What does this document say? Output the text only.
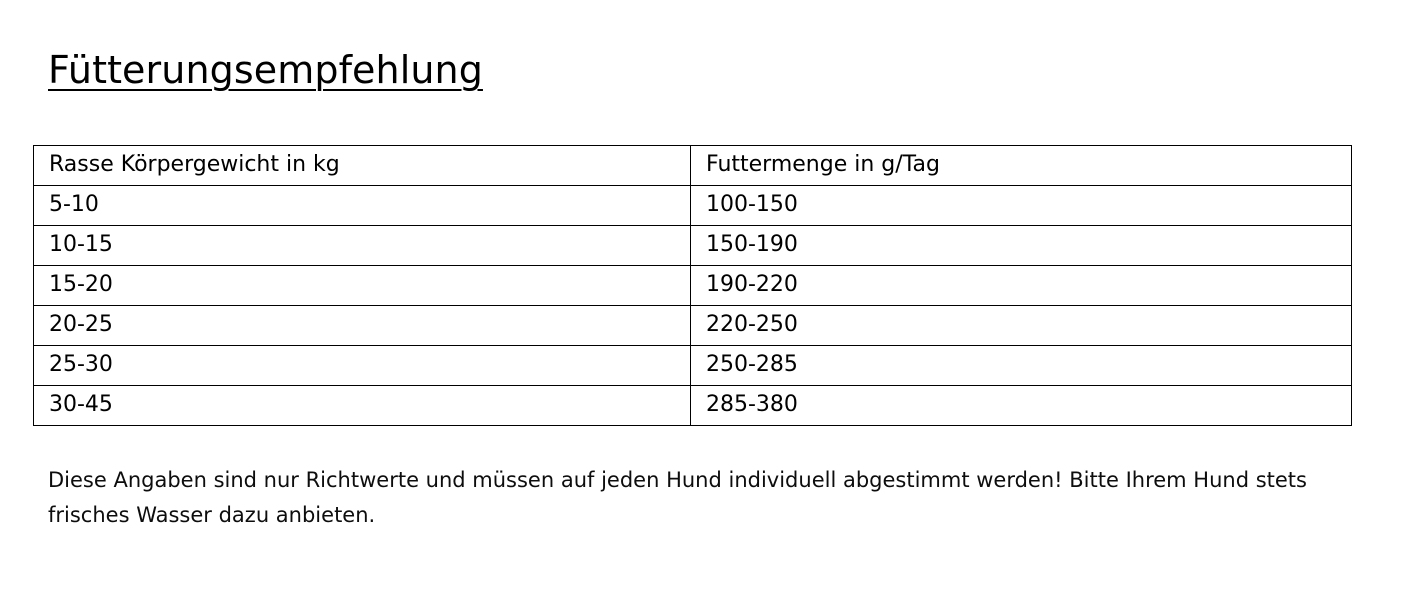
Fütterungsempfehlung
Rasse Körpergewicht in kg	Futtermenge in g/Tag
5-10	100-150
10-15	150-190
15-20	190-220
20-25	220-250
25-30	250-285
30-45	285-380
Diese Angaben sind nur Richtwerte und müssen auf jeden Hund individuell abgestimmt werden! Bitte Ihrem Hund stets frisches Wasser dazu anbieten.
